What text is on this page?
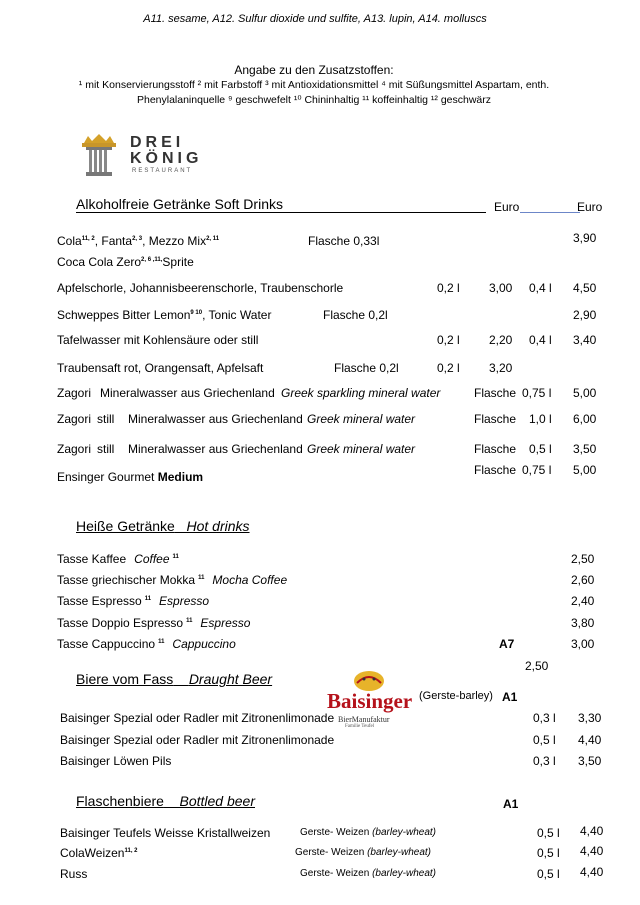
A11. sesame, A12. Sulfur dioxide und sulfite, A13. lupin, A14. molluscs
Angabe zu den Zusatzstoffen:
¹ mit Konservierungsstoff ² mit Farbstoff ³ mit Antioxidationsmittel ⁴ mit Süßungsmittel Aspartam, enth.
Phenylalaninquelle ⁹ geschwefelt ¹⁰ Chininhaltig ¹¹ koffeinhaltig ¹² geschwärz
DREI
KÖNIG
RESTAURANT
Alkoholfreie Getränke Soft Drinks	Euro	Euro
Cola$^{11, 2}$, Fanta$^{2, 3}$, Mezzo Mix$^{2, 11}$	Flasche 0,33l	3,90
Coca Cola Zero$^{2, 6 ,11,}$Sprite
Apfelschorle, Johannisbeerenschorle, Traubenschorle	0,2 l 3,00 0,4 l 4,50
Schweppes Bitter Lemon$^{9 10}$, Tonic Water	Flasche 0,2l	2,90
Tafelwasser mit Kohlensäure oder still	0,2 l 2,20 0,4 l 3,40
Traubensaft rot, Orangensaft, Apfelsaft	Flasche 0,2l	0,2 l 3,20
Zagori Mineralwasser aus Griechenland Greek sparkling mineral water	Flasche 0,75 l 5,00
Zagori still Mineralwasser aus Griechenland Greek mineral water	Flasche 1,0 l 6,00
Zagori still Mineralwasser aus Griechenland Greek mineral water	Flasche 0,5 l 3,50
Ensinger Gourmet Medium	Flasche 0,75 l 5,00
Heiße Getränke Hot drinks
Tasse Kaffee Coffee $^{11}$	2,50
Tasse griechischer Mokka $^{11}$ Mocha Coffee	2,60
Tasse Espresso $^{11}$ Espresso	2,40
Tasse Doppio Espresso $^{11}$ Espresso	3,80
Tasse Cappuccino $^{11}$ Cappuccino	3,00
A7
2,50
Biere vom Fass Draught Beer
Baisinger
BierManufaktur
Familie Teufel
(Gerste-barley) A1
Baisinger Spezial oder Radler mit Zitronenlimonade	0,3 l 3,30
Baisinger Spezial oder Radler mit Zitronenlimonade	0,5 l 4,40
Baisinger Löwen Pils	0,3 l 3,50
Flaschenbiere Bottled beer	A1
Baisinger Teufels Weisse Kristallweizen	Gerste- Weizen (barley-wheat)	0,5 l 4,40
ColaWeizen$^{11, 2}$	Gerste- Weizen (barley-wheat)	0,5 l 4,40
Russ	Gerste- Weizen (barley-wheat)	0,5 l 4,40
